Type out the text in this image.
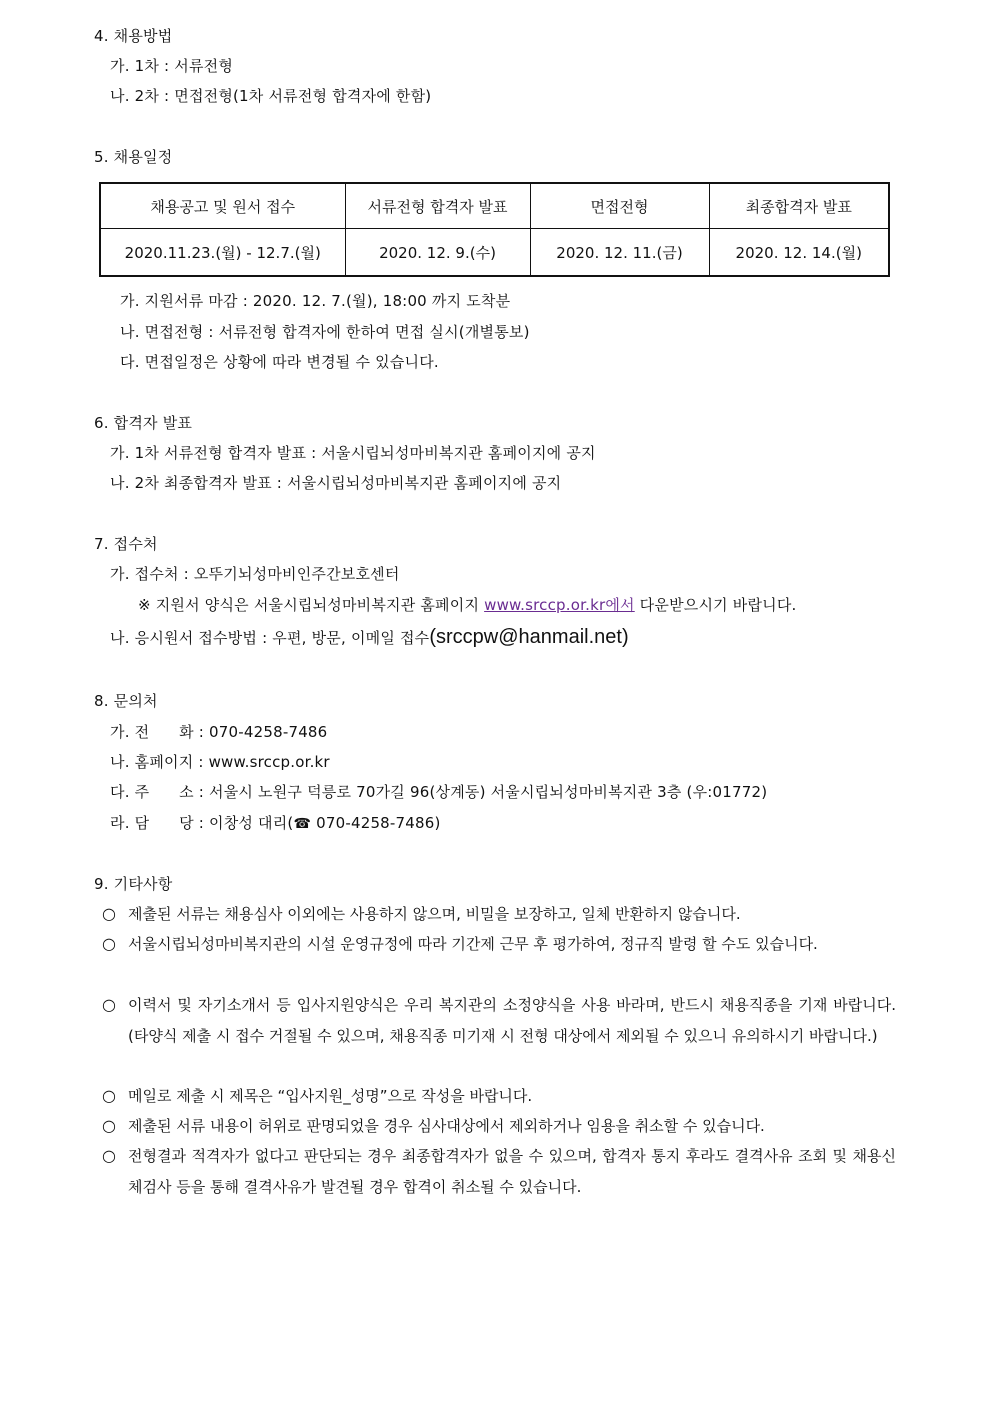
4. 채용방법
가. 1차 : 서류전형
나. 2차 : 면접전형(1차 서류전형 합격자에 한함)
5. 채용일정
채용공고 및 원서 접수	서류전형 합격자 발표	면접전형	최종합격자 발표
2020.11.23.(월) - 12.7.(월)	2020. 12. 9.(수)	2020. 12. 11.(금)	2020. 12. 14.(월)
가. 지원서류 마감 : 2020. 12. 7.(월), 18:00 까지 도착분
나. 면접전형 : 서류전형 합격자에 한하여 면접 실시(개별통보)
다. 면접일정은 상황에 따라 변경될 수 있습니다.
6. 합격자 발표
가. 1차 서류전형 합격자 발표 : 서울시립뇌성마비복지관 홈페이지에 공지
나. 2차 최종합격자 발표 : 서울시립뇌성마비복지관 홈페이지에 공지
7. 접수처
가. 접수처 : 오뚜기뇌성마비인주간보호센터
※ 지원서 양식은 서울시립뇌성마비복지관 홈페이지 www.srccp.or.kr에서 다운받으시기 바랍니다.
나. 응시원서 접수방법 : 우편, 방문, 이메일 접수(srccpw@hanmail.net)
8. 문의처
가. 전      화 : 070-4258-7486
나. 홈페이지 : www.srccp.or.kr
다. 주      소 : 서울시 노원구 덕릉로 70가길 96(상계동) 서울시립뇌성마비복지관 3층 (우:01772)
라. 담      당 : 이창성 대리(☎ 070-4258-7486)
9. 기타사항
○ 제출된 서류는 채용심사 이외에는 사용하지 않으며, 비밀을 보장하고, 일체 반환하지 않습니다.
○ 서울시립뇌성마비복지관의 시설 운영규정에 따라 기간제 근무 후 평가하여, 정규직 발령 할 수도 있습니다.
○ 이력서 및 자기소개서 등 입사지원양식은 우리 복지관의 소정양식을 사용 바라며, 반드시 채용직종을 기재 바랍니다.(타양식 제출 시 접수 거절될 수 있으며, 채용직종 미기재 시 전형 대상에서 제외될 수 있으니 유의하시기 바랍니다.)
○ 메일로 제출 시 제목은 “입사지원_성명”으로 작성을 바랍니다.
○ 제출된 서류 내용이 허위로 판명되었을 경우 심사대상에서 제외하거나 임용을 취소할 수 있습니다.
○ 전형결과 적격자가 없다고 판단되는 경우 최종합격자가 없을 수 있으며, 합격자 통지 후라도 결격사유 조회 및 채용신체검사 등을 통해 결격사유가 발견될 경우 합격이 취소될 수 있습니다.
